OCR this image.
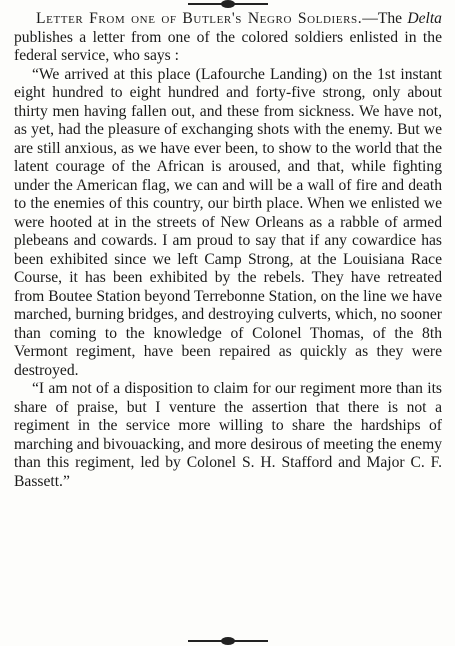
Letter From one of Butler's Negro Soldiers.—The Delta publishes a letter from one of the colored soldiers enlisted in the federal service, who says :

“We arrived at this place (Lafourche Landing) on the 1st instant eight hundred to eight hundred and forty-five strong, only about thirty men having fallen out, and these from sickness. We have not, as yet, had the pleasure of exchanging shots with the enemy. But we are still anxious, as we have ever been, to show to the world that the latent courage of the African is aroused, and that, while fighting under the American flag, we can and will be a wall of fire and death to the enemies of this country, our birth place. When we enlisted we were hooted at in the streets of New Orleans as a rabble of armed plebeans and cowards. I am proud to say that if any cowardice has been exhibited since we left Camp Strong, at the Louisiana Race Course, it has been exhibited by the rebels. They have retreated from Boutee Station beyond Terrebonne Station, on the line we have marched, burning bridges, and destroying culverts, which, no sooner than coming to the knowledge of Colonel Thomas, of the 8th Vermont regiment, have been repaired as quickly as they were destroyed.

“I am not of a disposition to claim for our regiment more than its share of praise, but I venture the assertion that there is not a regiment in the service more willing to share the hardships of marching and bivouacking, and more desirous of meeting the enemy than this regiment, led by Colonel S. H. Stafford and Major C. F. Bassett.”
